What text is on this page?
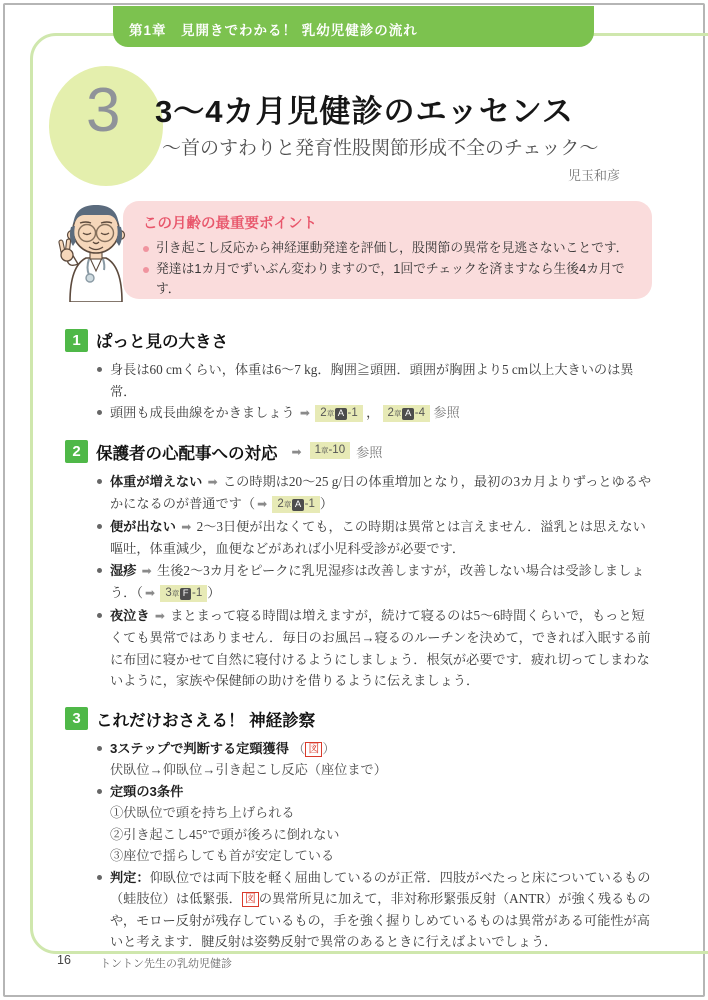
第1章　見開きでわかる！ 乳幼児健診の流れ
3 3〜4カ月児健診のエッセンス
〜首のすわりと発育性股関節形成不全のチェック〜
児玉和彦
この月齢の最重要ポイント
引き起こし反応から神経運動発達を評価し，股関節の異常を見逃さないことです．
発達は1カ月でずいぶん変わりますので，1回でチェックを済ますなら生後4カ月です．
1 ぱっと見の大きさ
身長は60 cmくらい，体重は6〜7 kg．胸囲≧頭囲．頭囲が胸囲より5 cm以上大きいのは異常．
頭囲も成長曲線をかきましょう ➡ 2章 A -1 ， 2章 A -4 参照
2 保護者の心配事への対応 ➡	1章-10 参照
体重が増えない ➡ この時期は20〜25 g/日の体重増加となり，最初の3カ月よりずっとゆるやかになるのが普通です（ ➡ 2章 A -1 ）
便が出ない ➡ 2〜3日便が出なくても，この時期は異常とは言えません．溢乳とは思えない嘔吐，体重減少，血便などがあれば小児科受診が必要です．
湿疹 ➡ 生後2〜3カ月をピークに乳児湿疹は改善しますが，改善しない場合は受診しましょう．（ ➡ 3章 F -1 ）
夜泣き ➡ まとまって寝る時間は増えますが，続けて寝るのは5〜6時間くらいで，もっと短くても異常ではありません．毎日のお風呂→寝るのルーチンを決めて，できれば入眠する前に布団に寝かせて自然に寝付けるようにしましょう．根気が必要です．疲れ切ってしまわないように，家族や保健師の助けを借りるように伝えましょう．
3 これだけおさえる！ 神経診察
3ステップで判断する定頸獲得 （ 図 ）
伏臥位→仰臥位→引き起こし反応（座位まで）
定頸の3条件
①伏臥位で頭を持ち上げられる
②引き起こし45°で頭が後ろに倒れない
③座位で揺らしても首が安定している
判定：仰臥位では両下肢を軽く屈曲しているのが正常．四肢がべたっと床についているもの（蛙肢位）は低緊張． 図 の異常所見に加えて，非対称形緊張反射（ANTR）が強く残るものや，モロー反射が残存しているもの，手を強く握りしめているものは異常がある可能性が高いと考えます．腱反射は姿勢反射で異常のあるときに行えばよいでしょう．
16	トントン先生の乳幼児健診
